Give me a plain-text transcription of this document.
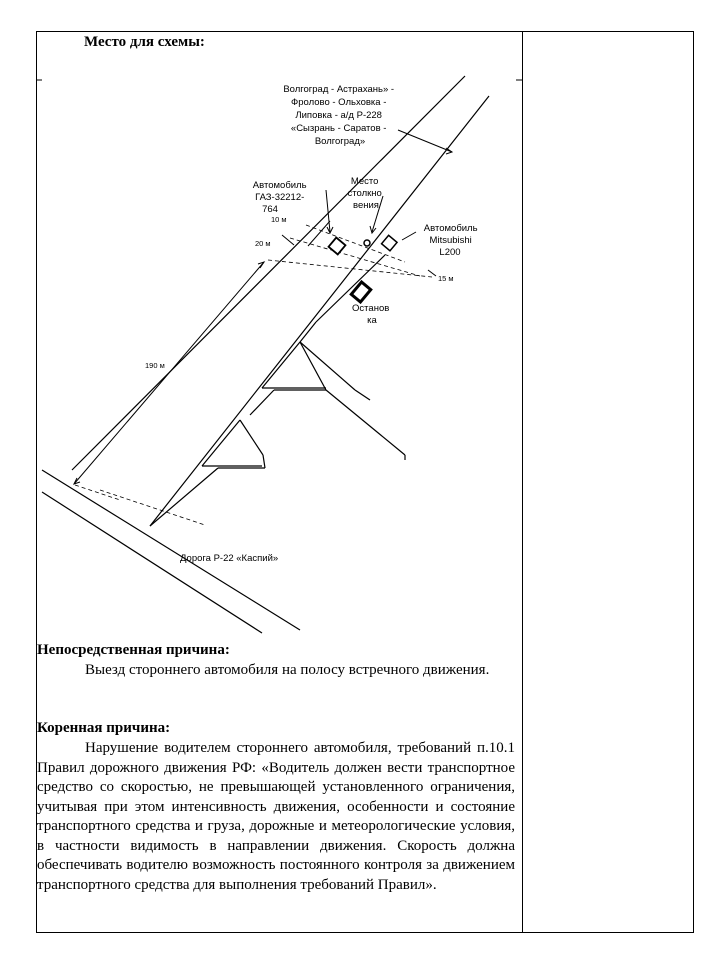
Место для схемы:
Волгоград - Астрахань» - Фролово - Ольховка - Липовка - а/д Р-228 «Сызрань - Саратов - Волгоград»
Автомобиль ГАЗ-32212- 764
Место столкно вения
Автомобиль Mitsubishi L200
Останов ка
10 м
20 м
15 м
190 м
Дорога Р-22 «Каспий»
Непосредственная причина:
Выезд стороннего автомобиля на полосу встречного движения.
Коренная причина:
Нарушение водителем стороннего автомобиля, требований п.10.1 Правил дорожного движения РФ: «Водитель должен вести транспортное средство со скоростью, не превышающей установленного ограничения, учитывая при этом интенсивность движения, особенности и состояние транспортного средства и груза, дорожные и метеорологические условия, в частности видимость в направлении движения. Скорость должна обеспечивать водителю возможность постоянного контроля за движением транспортного средства для выполнения требований Правил».
